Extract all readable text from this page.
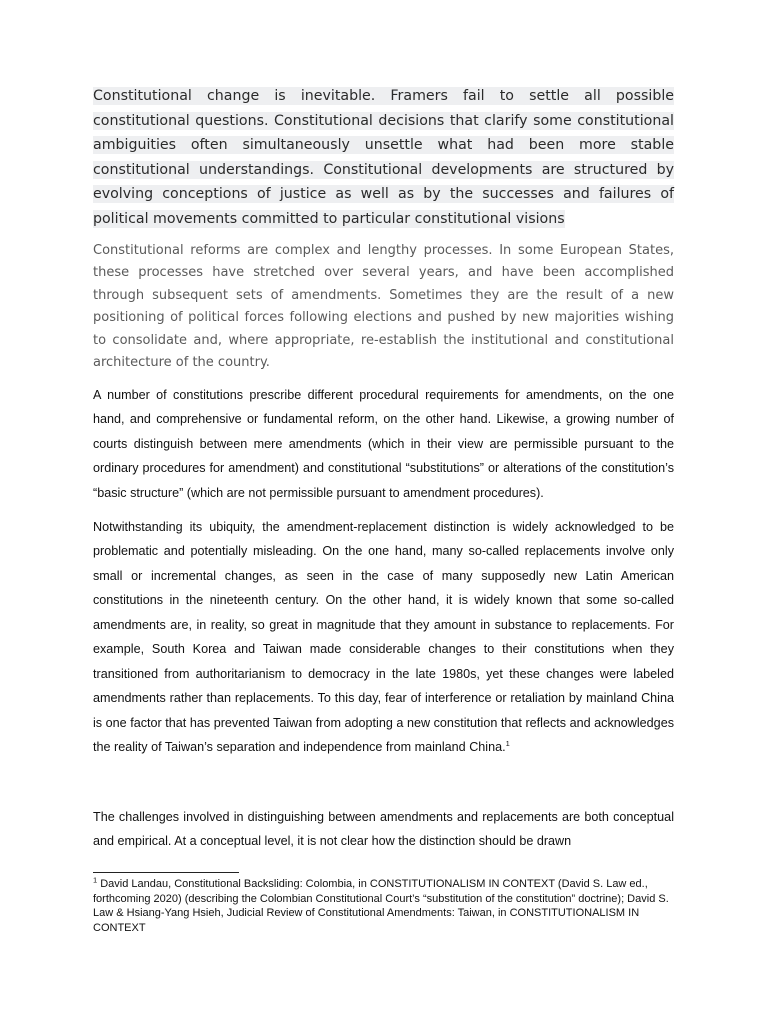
Constitutional change is inevitable. Framers fail to settle all possible constitutional questions. Constitutional decisions that clarify some constitutional ambiguities often simultaneously unsettle what had been more stable constitutional understandings. Constitutional developments are structured by evolving conceptions of justice as well as by the successes and failures of political movements committed to particular constitutional visions

Constitutional reforms are complex and lengthy processes. In some European States, these processes have stretched over several years, and have been accomplished through subsequent sets of amendments. Sometimes they are the result of a new positioning of political forces following elections and pushed by new majorities wishing to consolidate and, where appropriate, re-establish the institutional and constitutional architecture of the country.

A number of constitutions prescribe different procedural requirements for amendments, on the one hand, and comprehensive or fundamental reform, on the other hand. Likewise, a growing number of courts distinguish between mere amendments (which in their view are permissible pursuant to the ordinary procedures for amendment) and constitutional “substitutions” or alterations of the constitution’s “basic structure” (which are not permissible pursuant to amendment procedures).

Notwithstanding its ubiquity, the amendment-replacement distinction is widely acknowledged to be problematic and potentially misleading. On the one hand, many so-called replacements involve only small or incremental changes, as seen in the case of many supposedly new Latin American constitutions in the nineteenth century. On the other hand, it is widely known that some so-called amendments are, in reality, so great in magnitude that they amount in substance to replacements. For example, South Korea and Taiwan made considerable changes to their constitutions when they transitioned from authoritarianism to democracy in the late 1980s, yet these changes were labeled amendments rather than replacements. To this day, fear of interference or retaliation by mainland China is one factor that has prevented Taiwan from adopting a new constitution that reflects and acknowledges the reality of Taiwan’s separation and independence from mainland China.$^1$

The challenges involved in distinguishing between amendments and replacements are both conceptual and empirical. At a conceptual level, it is not clear how the distinction should be drawn

$^1$ David Landau, Constitutional Backsliding: Colombia, in CONSTITUTIONALISM IN CONTEXT (David S. Law ed., forthcoming 2020) (describing the Colombian Constitutional Court’s “substitution of the constitution” doctrine); David S. Law & Hsiang-Yang Hsieh, Judicial Review of Constitutional Amendments: Taiwan, in CONSTITUTIONALISM IN CONTEXT
